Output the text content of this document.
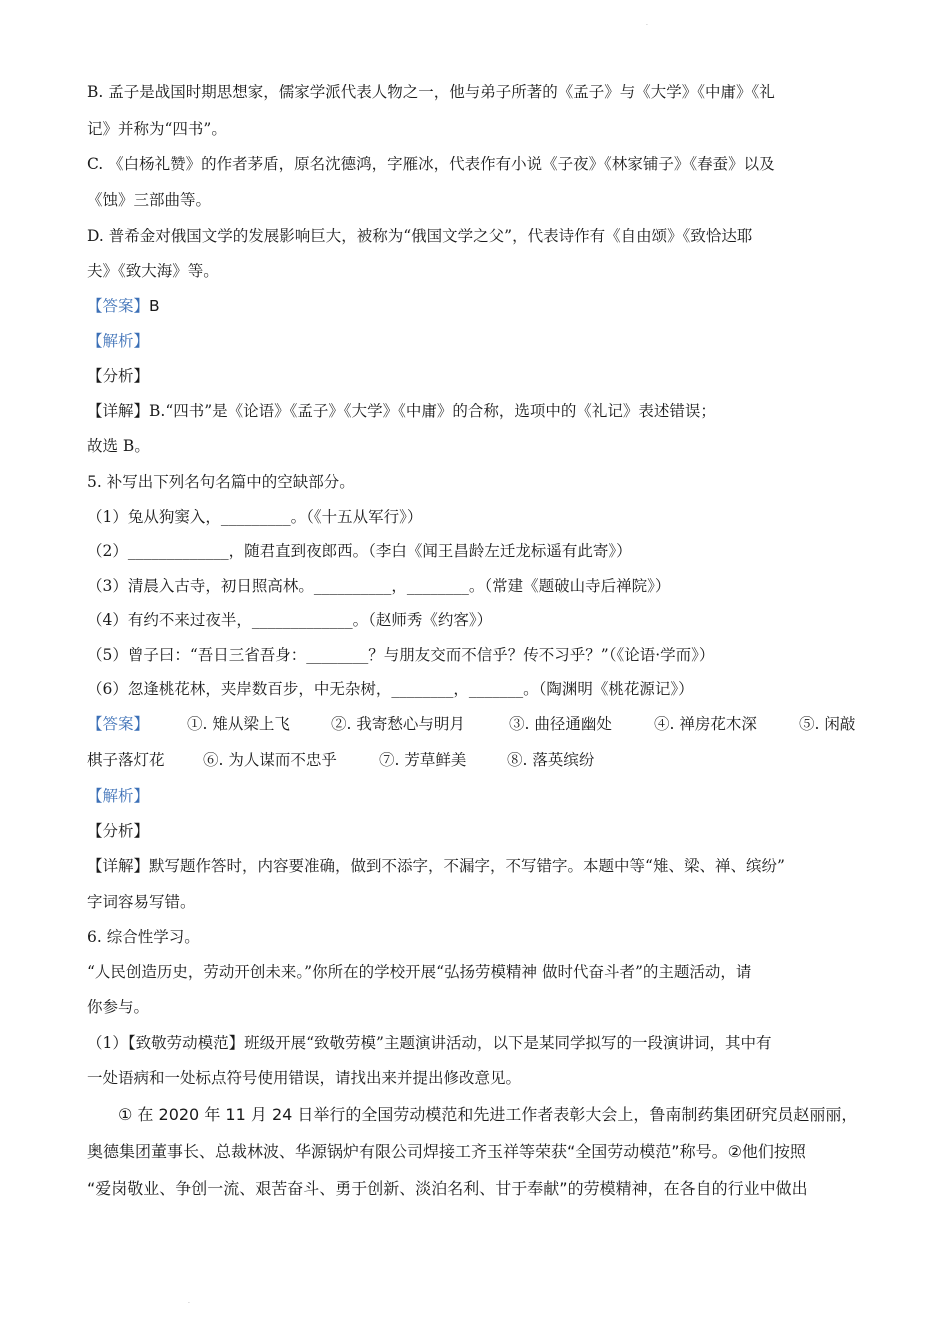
·
B. 孟子是战国时期思想家，儒家学派代表人物之一，他与弟子所著的《孟子》与《大学》《中庸》《礼
记》并称为“四书”。
C. 《白杨礼赞》的作者茅盾，原名沈德鸿，字雁冰，代表作有小说《子夜》《林家铺子》《春蚕》以及
《蚀》三部曲等。
D. 普希金对俄国文学的发展影响巨大，被称为“俄国文学之父”，代表诗作有《自由颂》《致恰达耶
夫》《致大海》等。
【答案】B
【解析】
【分析】
【详解】B.“四书”是《论语》《孟子》《大学》《中庸》的合称，选项中的《礼记》表述错误；
故选 B。
5. 补写出下列名句名篇中的空缺部分。
（1）兔从狗窦入，_________。（《十五从军行》）
（2）_____________，随君直到夜郎西。（李白《闻王昌龄左迁龙标遥有此寄》）
（3）清晨入古寺，初日照高林。__________，________。（常建《题破山寺后禅院》）
（4）有约不来过夜半，_____________。（赵师秀《约客》）
（5）曾子曰：“吾日三省吾身：________？与朋友交而不信乎？传不习乎？”（《论语·学而》）
（6）忽逢桃花林，夹岸数百步，中无杂树，________，_______。（陶渊明《桃花源记》）
【答案】 ①. 雉从梁上飞	②. 我寄愁心与明月	③. 曲径通幽处	④. 禅房花木深	⑤. 闲敲
棋子落灯花 ⑥. 为人谋而不忠乎	⑦. 芳草鲜美	⑧. 落英缤纷
【解析】
【分析】
【详解】默写题作答时，内容要准确，做到不添字，不漏字，不写错字。本题中等“雉、梁、禅、缤纷”
字词容易写错。
6. 综合性学习。
“人民创造历史，劳动开创未来。”你所在的学校开展“弘扬劳模精神 做时代奋斗者”的主题活动，请
你参与。
（1）【致敬劳动模范】班级开展“致敬劳模”主题演讲活动，以下是某同学拟写的一段演讲词，其中有
一处语病和一处标点符号使用错误，请找出来并提出修改意见。
① 在 2020 年 11 月 24 日举行的全国劳动模范和先进工作者表彰大会上，鲁南制药集团研究员赵丽丽，
奥德集团董事长、总裁林波、华源锅炉有限公司焊接工齐玉祥等荣获“全国劳动模范”称号。②他们按照
“爱岗敬业、争创一流、艰苦奋斗、勇于创新、淡泊名利、甘于奉献”的劳模精神，在各自的行业中做出
·
